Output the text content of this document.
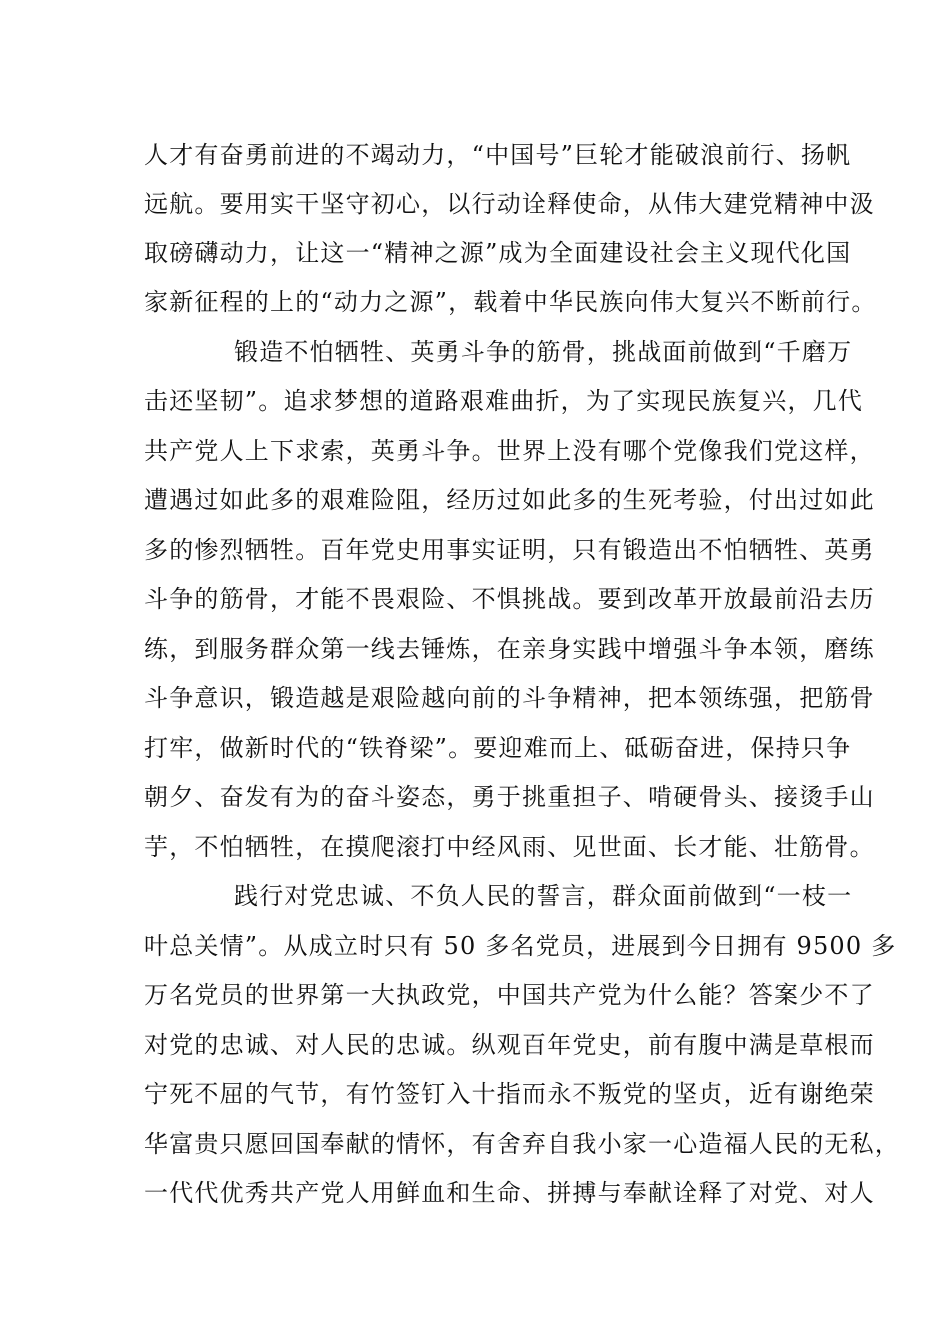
人才有奋勇前进的不竭动力，“中国号”巨轮才能破浪前行、扬帆
远航。要用实干坚守初心，以行动诠释使命，从伟大建党精神中汲
取磅礴动力，让这一“精神之源”成为全面建设社会主义现代化国
家新征程的上的“动力之源”，载着中华民族向伟大复兴不断前行。
锻造不怕牺牲、英勇斗争的筋骨，挑战面前做到“千磨万
击还坚韧”。追求梦想的道路艰难曲折，为了实现民族复兴，几代
共产党人上下求索，英勇斗争。世界上没有哪个党像我们党这样，
遭遇过如此多的艰难险阻，经历过如此多的生死考验，付出过如此
多的惨烈牺牲。百年党史用事实证明，只有锻造出不怕牺牲、英勇
斗争的筋骨，才能不畏艰险、不惧挑战。要到改革开放最前沿去历
练，到服务群众第一线去锤炼，在亲身实践中增强斗争本领，磨练
斗争意识，锻造越是艰险越向前的斗争精神，把本领练强，把筋骨
打牢，做新时代的“铁脊梁”。要迎难而上、砥砺奋进，保持只争
朝夕、奋发有为的奋斗姿态，勇于挑重担子、啃硬骨头、接烫手山
芋，不怕牺牲，在摸爬滚打中经风雨、见世面、长才能、壮筋骨。
践行对党忠诚、不负人民的誓言，群众面前做到“一枝一
叶总关情”。从成立时只有 50 多名党员，进展到今日拥有 9500 多
万名党员的世界第一大执政党，中国共产党为什么能？答案少不了
对党的忠诚、对人民的忠诚。纵观百年党史，前有腹中满是草根而
宁死不屈的气节，有竹签钉入十指而永不叛党的坚贞，近有谢绝荣
华富贵只愿回国奉献的情怀，有舍弃自我小家一心造福人民的无私，
一代代优秀共产党人用鲜血和生命、拼搏与奉献诠释了对党、对人
